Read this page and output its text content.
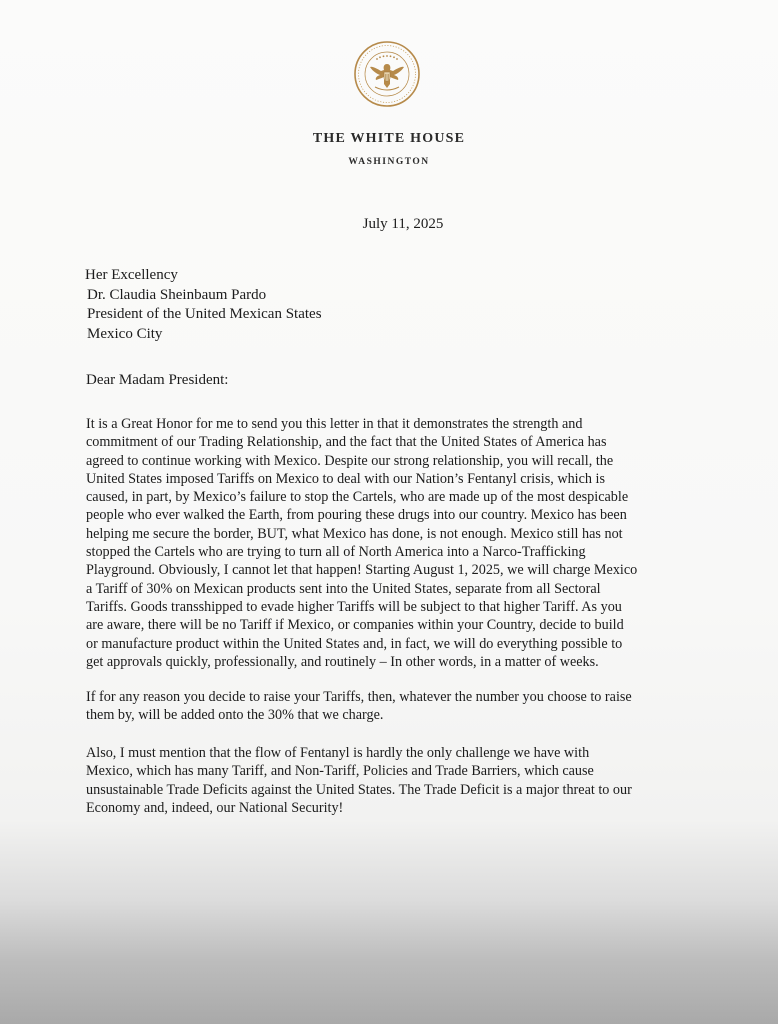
THE WHITE HOUSE
WASHINGTON
July 11, 2025
Her Excellency
Dr. Claudia Sheinbaum Pardo
President of the United Mexican States
Mexico City
Dear Madam President:
It is a Great Honor for me to send you this letter in that it demonstrates the strength and
commitment of our Trading Relationship, and the fact that the United States of America has
agreed to continue working with Mexico. Despite our strong relationship, you will recall, the
United States imposed Tariffs on Mexico to deal with our Nation’s Fentanyl crisis, which is
caused, in part, by Mexico’s failure to stop the Cartels, who are made up of the most despicable
people who ever walked the Earth, from pouring these drugs into our country. Mexico has been
helping me secure the border, BUT, what Mexico has done, is not enough. Mexico still has not
stopped the Cartels who are trying to turn all of North America into a Narco-Trafficking
Playground. Obviously, I cannot let that happen! Starting August 1, 2025, we will charge Mexico
a Tariff of 30% on Mexican products sent into the United States, separate from all Sectoral
Tariffs. Goods transshipped to evade higher Tariffs will be subject to that higher Tariff. As you
are aware, there will be no Tariff if Mexico, or companies within your Country, decide to build
or manufacture product within the United States and, in fact, we will do everything possible to
get approvals quickly, professionally, and routinely – In other words, in a matter of weeks.
If for any reason you decide to raise your Tariffs, then, whatever the number you choose to raise
them by, will be added onto the 30% that we charge.
Also, I must mention that the flow of Fentanyl is hardly the only challenge we have with
Mexico, which has many Tariff, and Non-Tariff, Policies and Trade Barriers, which cause
unsustainable Trade Deficits against the United States. The Trade Deficit is a major threat to our
Economy and, indeed, our National Security!
